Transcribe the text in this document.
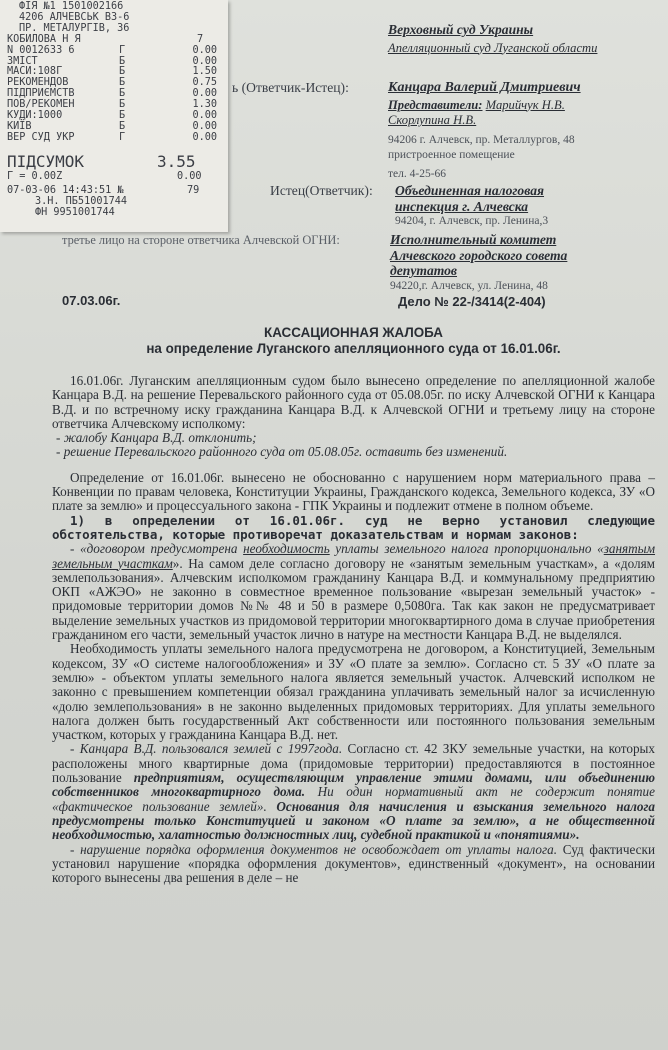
ФІЯ №1 1501002166
4206 АЛЧЕВСЬК ВЗ-6
ПР. МЕТАЛУРГІВ, 36
КОБИЛОВА Н Я	7
N 0012633 6	Г	0.00
ЗМІСТ	Б	0.00
МАСИ:108Г	Б	1.50
РЕКОМЕНДОВ	Б	0.75
ПІДПРИЄМСТВ	Б	0.00
ПОВ/РЕКОМЕН	Б	1.30
КУДИ:1000	Б	0.00
КИЇВ	Б	0.00
ВЕР СУД УКР	Г	0.00
ПІДСУМОК	3.55
Г = 0.00Z	0.00
07-03-06 14:43:51 №	79
З.Н. ПБ51001744
ФН 9951001744
Верховный суд Украины
Апелляционный суд Луганской области
ь (Ответчик-Истец):	Канцара Валерий Дмитриевич
Представители: Марийчук Н.В.
Скорлупина Н.В.
94206 г. Алчевск, пр. Металлургов, 48
пристроенное помещение
тел. 4-25-66
Истец(Ответчик): Объединенная налоговая
инспекция г. Алчевска
94204, г. Алчевск, пр. Ленина,3
третье лицо на стороне ответчика Алчевской ОГНИ:	Исполнительный комитет
Алчевского городского совета
депутатов
94220,г. Алчевск, ул. Ленина, 48
07.03.06г.	Дело № 22-/3414(2-404)
КАССАЦИОННАЯ ЖАЛОБА
на определение Луганского апелляционного суда от 16.01.06г.

16.01.06г. Луганским апелляционным судом было вынесено определение по апелляционной жалобе Канцара В.Д. на решение Перевальского районного суда от 05.08.05г. по иску Алчевской ОГНИ к Канцара В.Д. и по встречному иску гражданина Канцара В.Д. к Алчевской ОГНИ и третьему лицу на стороне ответчика Алчевскому исполкому:

- жалобу Канцара В.Д. отклонить;

- решение Перевальского районного суда от 05.08.05г. оставить без изменений.

Определение от 16.01.06г. вынесено не обоснованно с нарушением норм материального права – Конвенции по правам человека, Конституции Украины, Гражданского кодекса, Земельного кодекса, ЗУ «О плате за землю» и процессуального закона - ГПК Украины и подлежит отмене в полном объеме.

1) в определении от 16.01.06г. суд не верно установил следующие обстоятельства, которые противоречат доказательствам и нормам законов:

- «договором предусмотрена необходимость уплаты земельного налога пропорционально «занятым земельным участкам». На самом деле согласно договору не «занятым земельным участкам», а «долям землепользования». Алчевским исполкомом гражданину Канцара В.Д. и коммунальному предприятию ОКП «АЖЭО» не законно в совместное временное пользование «вырезан земельный участок» - придомовые территории домов №№ 48 и 50 в размере 0,5080га. Так как закон не предусматривает выделение земельных участков из придомовой территории многоквартирного дома в случае приобретения гражданином его части, земельный участок лично в натуре на местности Канцара В.Д. не выделялся.

Необходимость уплаты земельного налога предусмотрена не договором, а Конституцией, Земельным кодексом, ЗУ «О системе налогообложения» и ЗУ «О плате за землю». Согласно ст. 5 ЗУ «О плате за землю» - объектом уплаты земельного налога является земельный участок. Алчевский исполком не законно с превышением компетенции обязал гражданина уплачивать земельный налог за исчисленную «долю землепользования» в не законно выделенных придомовых территориях. Для уплаты земельного налога должен быть государственный Акт собственности или постоянного пользования земельным участком, которых у гражданина Канцара В.Д. нет.

- Канцара В.Д. пользовался землей с 1997года. Согласно ст. 42 ЗКУ земельные участки, на которых расположены много квартирные дома (придомовые территории) предоставляются в постоянное пользование предприятиям, осуществляющим управление этими домами, или объединению собственников многоквартирного дома. Ни один нормативный акт не содержит понятие «фактическое пользование землей». Основания для начисления и взыскания земельного налога предусмотрены только Конституцией и законом «О плате за землю», а не общественной необходимостью, халатностью должностных лиц, судебной практикой и «понятиями».

- нарушение порядка оформления документов не освобождает от уплаты налога. Суд фактически установил нарушение «порядка оформления документов», единственный «документ», на основании которого вынесены два решения в деле – не
